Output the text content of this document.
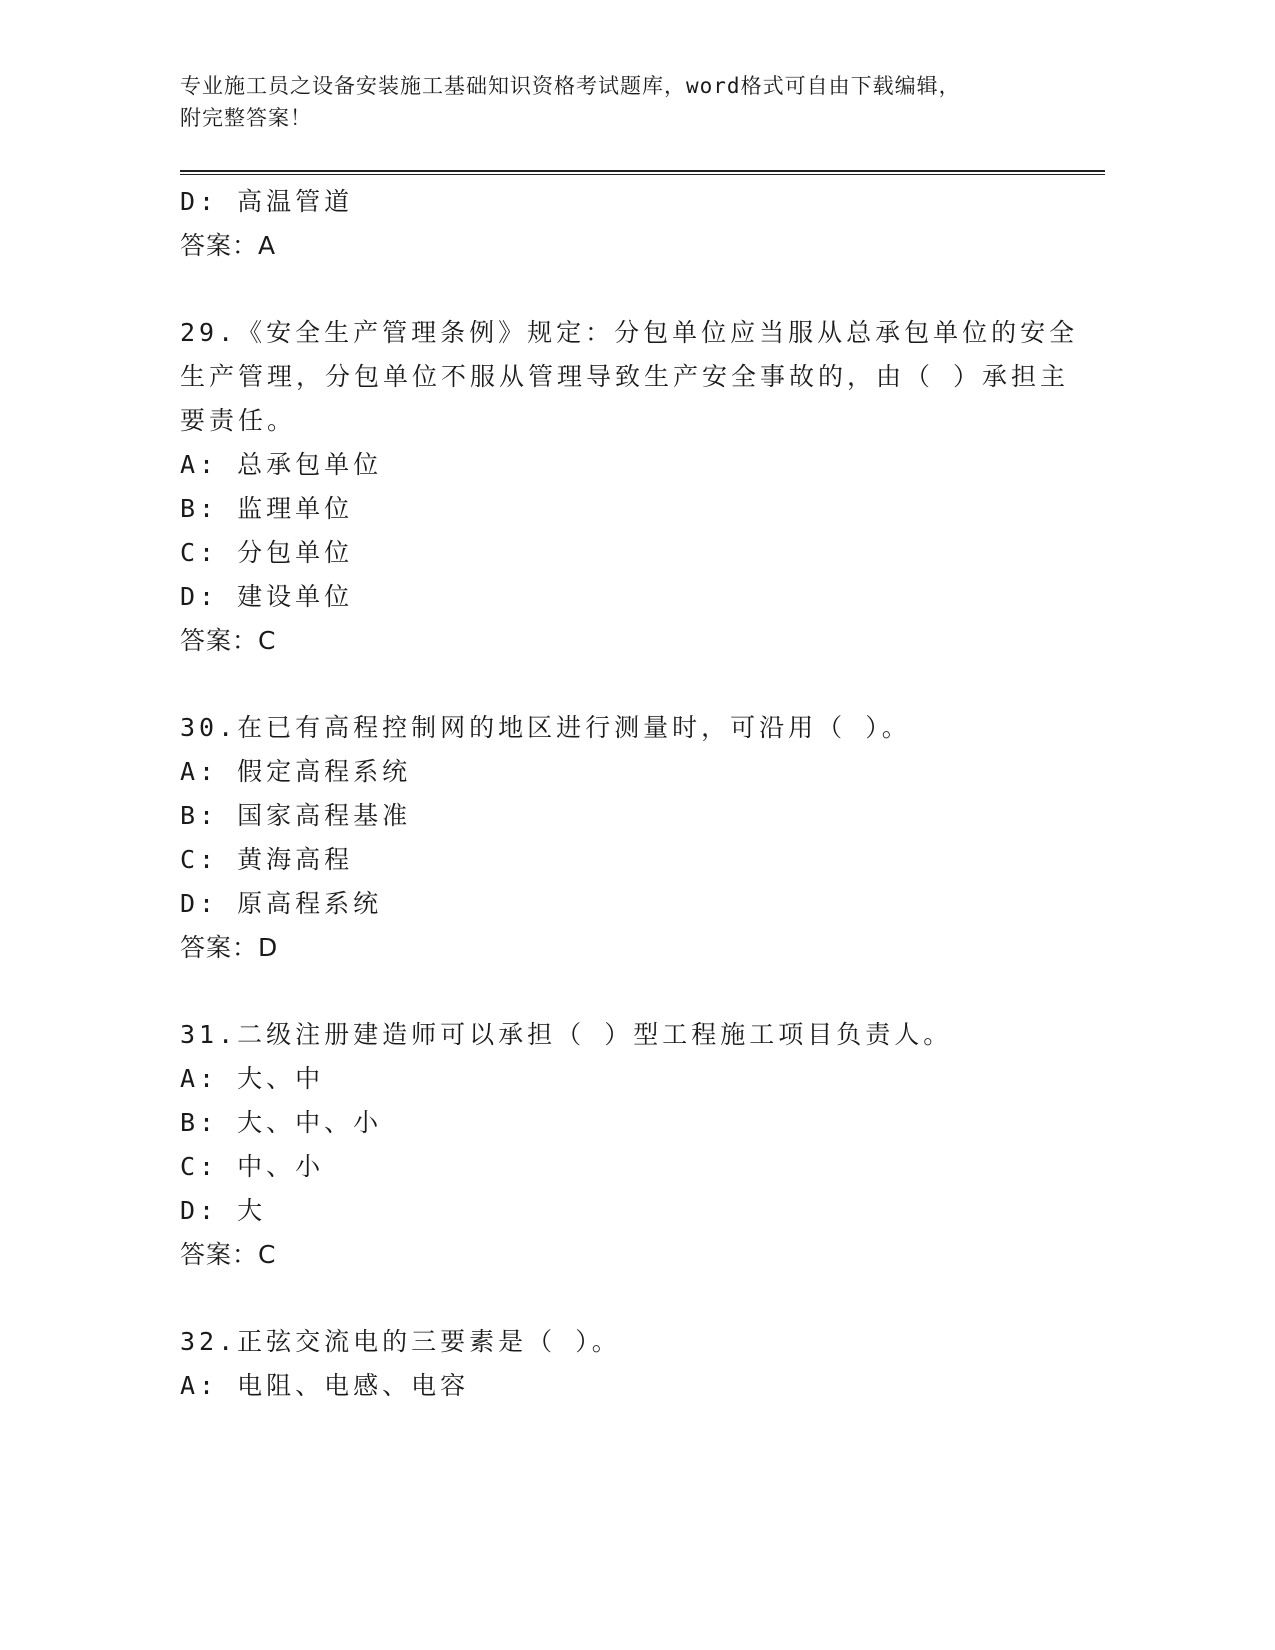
专业施工员之设备安装施工基础知识资格考试题库，word格式可自由下载编辑，
附完整答案！
D: 高温管道
答案：A
29.《安全生产管理条例》规定：分包单位应当服从总承包单位的安全
生产管理，分包单位不服从管理导致生产安全事故的，由（ ）承担主
要责任。
A: 总承包单位
B: 监理单位
C: 分包单位
D: 建设单位
答案：C
30.在已有高程控制网的地区进行测量时，可沿用（ ）。
A: 假定高程系统
B: 国家高程基准
C: 黄海高程
D: 原高程系统
答案：D
31.二级注册建造师可以承担（ ）型工程施工项目负责人。
A: 大、中
B: 大、中、小
C: 中、小
D: 大
答案：C
32.正弦交流电的三要素是（ ）。
A: 电阻、电感、电容
